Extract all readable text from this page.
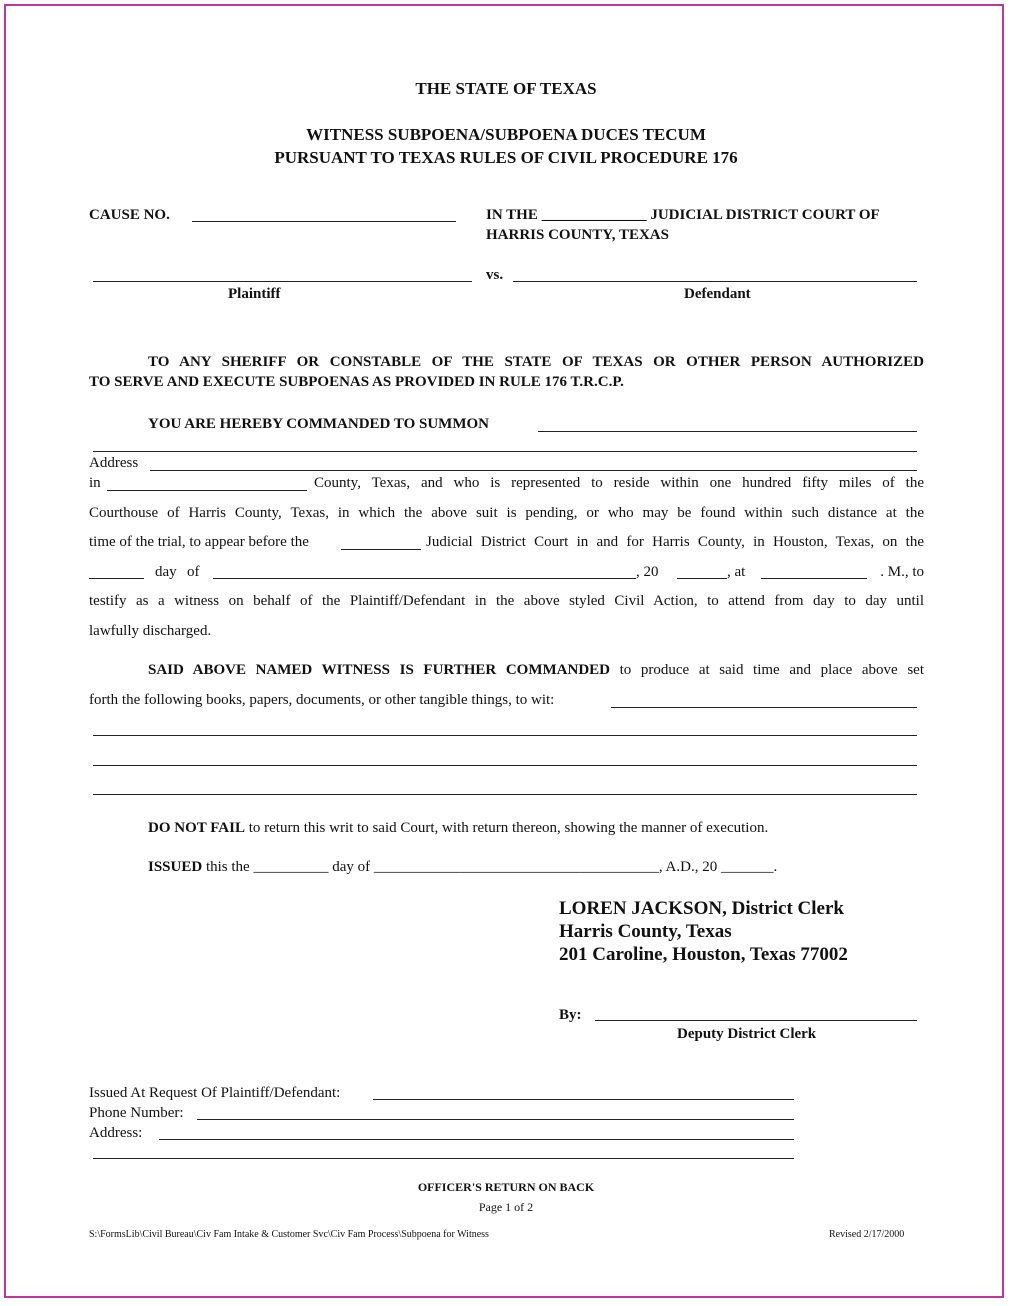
THE STATE OF TEXAS
WITNESS SUBPOENA/SUBPOENA DUCES TECUM
PURSUANT TO TEXAS RULES OF CIVIL PROCEDURE 176
CAUSE NO.	IN THE ______________ JUDICIAL DISTRICT COURT OF
HARRIS COUNTY, TEXAS
vs.
Plaintiff	Defendant
TO ANY SHERIFF OR CONSTABLE OF THE STATE OF TEXAS OR OTHER PERSON AUTHORIZED
TO SERVE AND EXECUTE SUBPOENAS AS PROVIDED IN RULE 176 T.R.C.P.
YOU ARE HEREBY COMMANDED TO SUMMON
Address
in	County, Texas, and who is represented to reside within one hundred fifty miles of the
Courthouse of Harris County, Texas, in which the above suit is pending, or who may be found within such distance at the
time of the trial, to appear before the	Judicial District Court in and for Harris County, in Houston, Texas, on the
day of	, 20	, at	. M., to
testify as a witness on behalf of the Plaintiff/Defendant in the above styled Civil Action, to attend from day to day until
lawfully discharged.
SAID ABOVE NAMED WITNESS IS FURTHER COMMANDED to produce at said time and place above set
forth the following books, papers, documents, or other tangible things, to wit:
DO NOT FAIL to return this writ to said Court, with return thereon, showing the manner of execution.
ISSUED this the __________ day of ______________________________________, A.D., 20 _______.
LOREN JACKSON, District Clerk
Harris County, Texas
201 Caroline, Houston, Texas 77002
By:
Deputy District Clerk
Issued At Request Of Plaintiff/Defendant:
Phone Number:
Address:
OFFICER'S RETURN ON BACK
Page 1 of 2
S:\FormsLib\Civil Bureau\Civ Fam Intake & Customer Svc\Civ Fam Process\Subpoena for Witness	Revised 2/17/2000
